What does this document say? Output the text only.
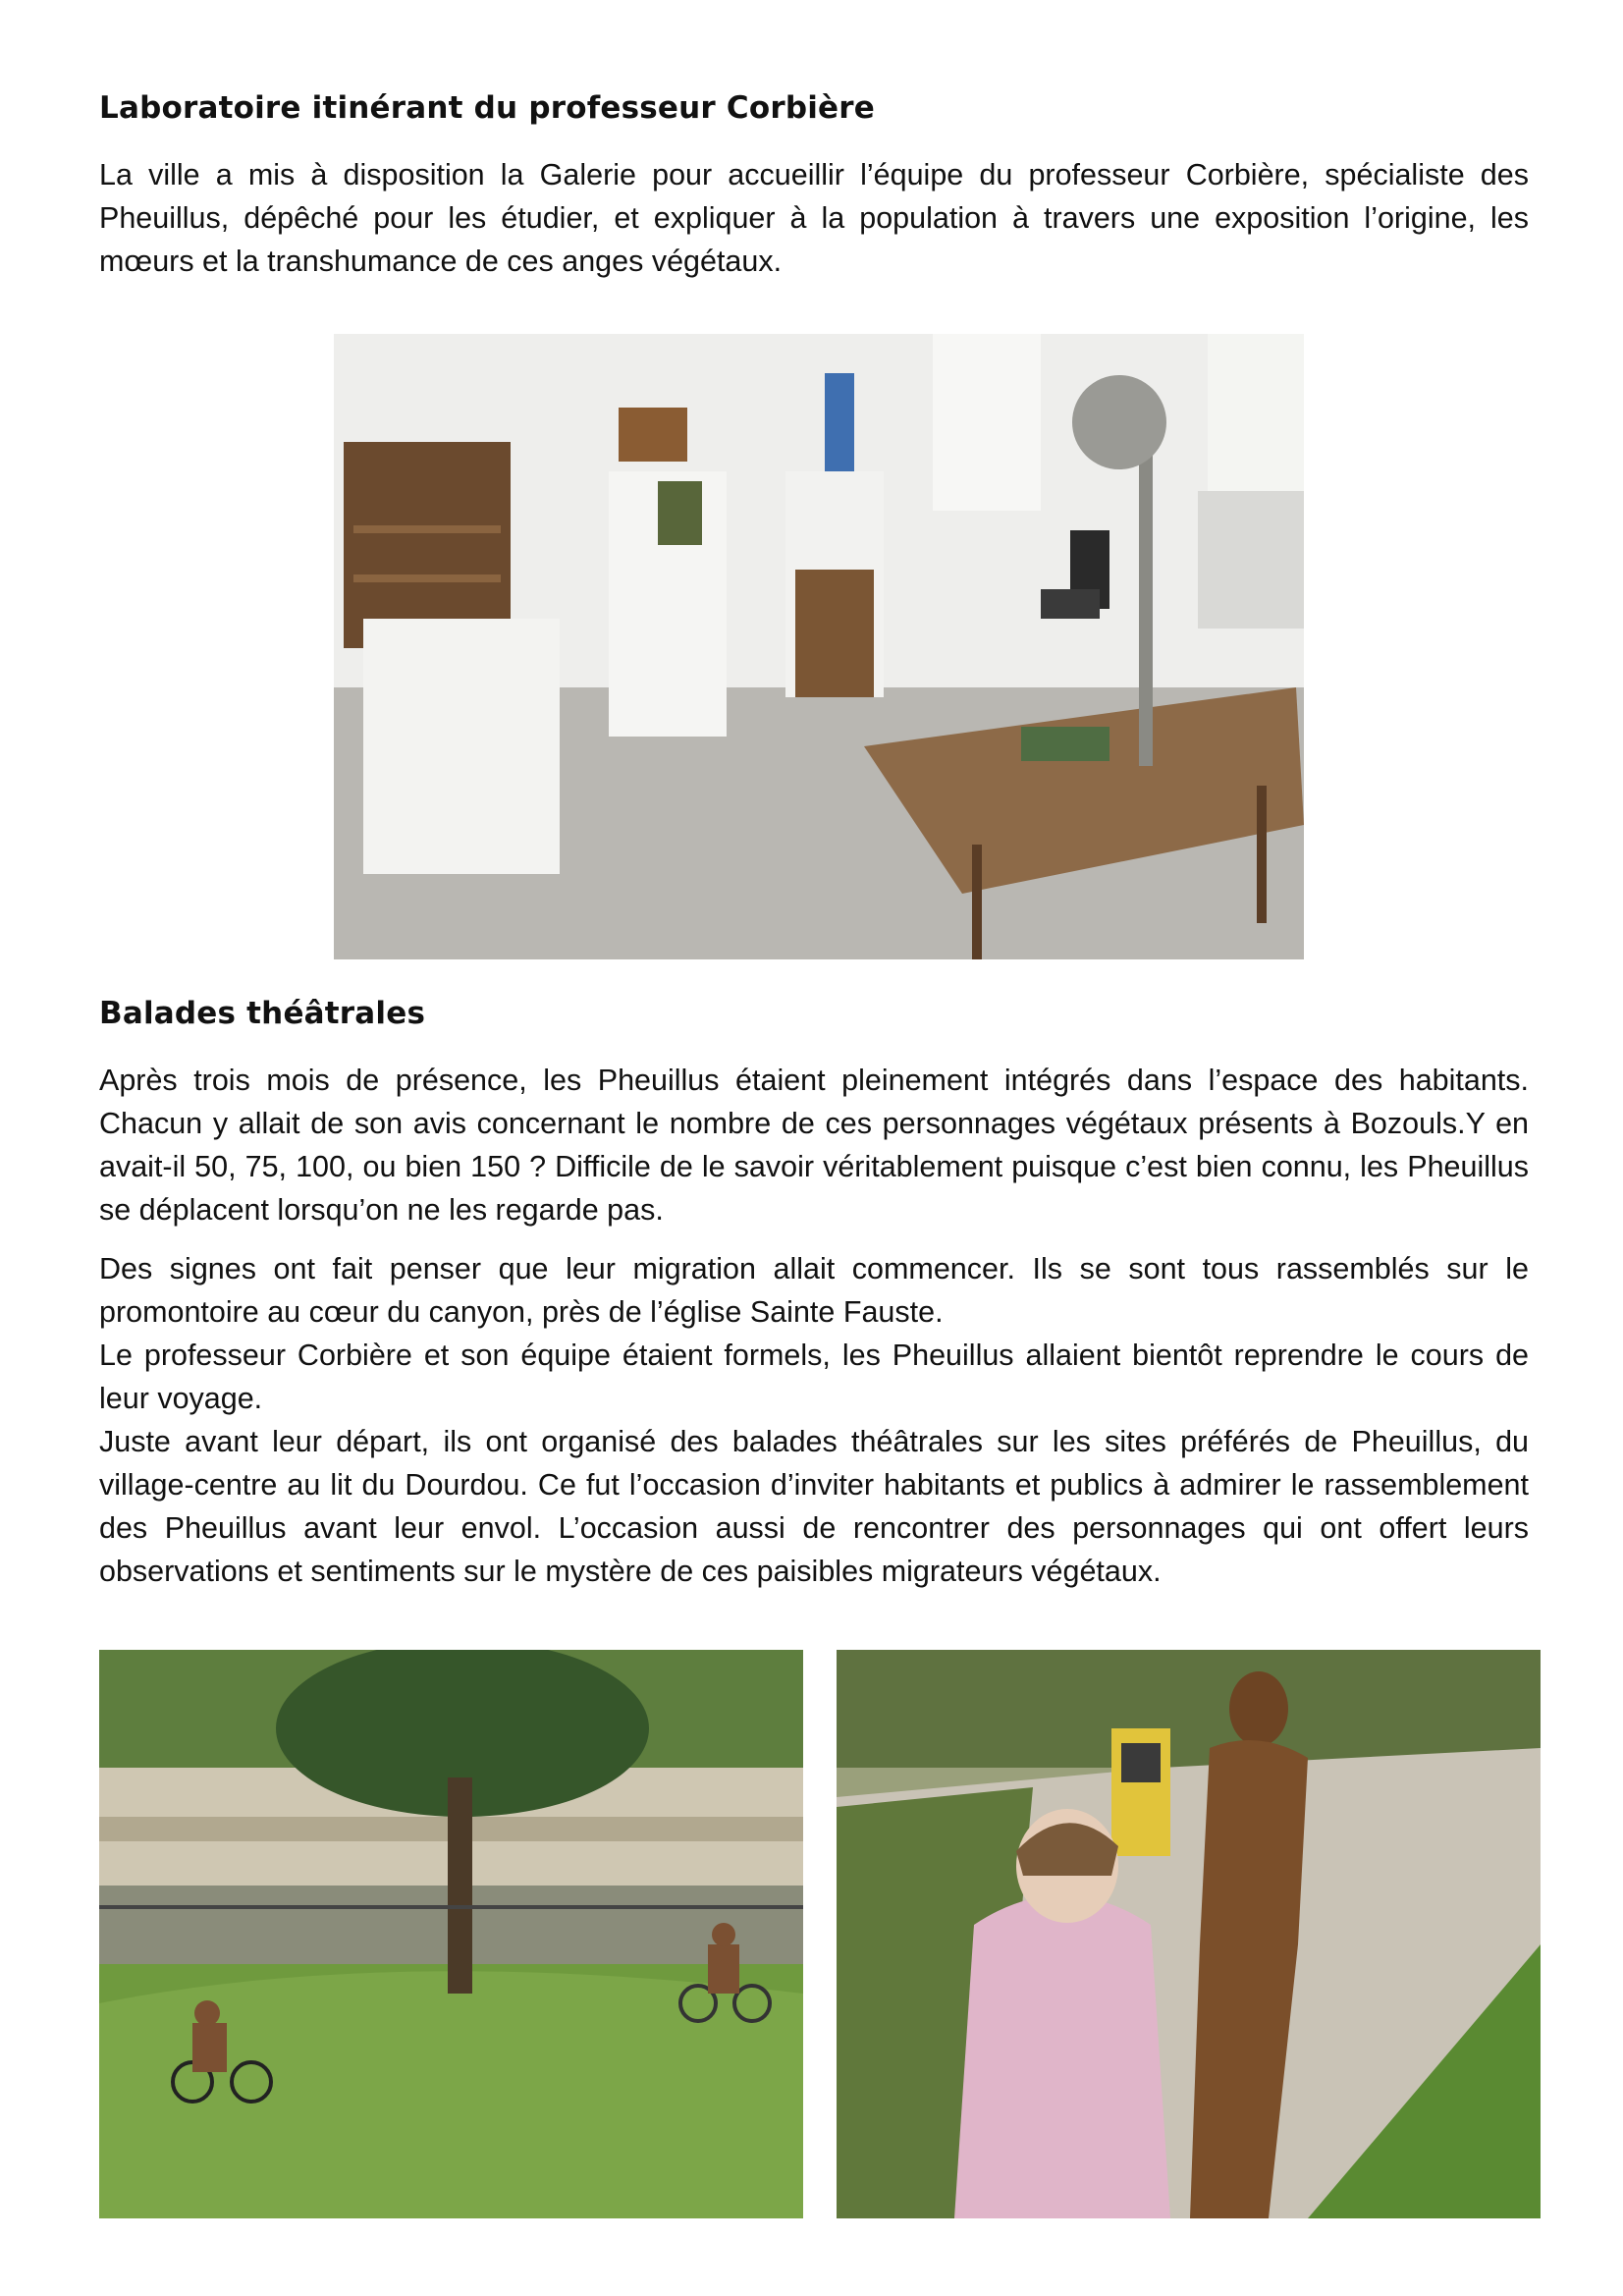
Laboratoire itinérant du professeur Corbière

La ville a mis à disposition la Galerie pour accueillir l’équipe du professeur Corbière, spécialiste des Pheuillus, dépêché pour les étudier, et expliquer à la population à travers une exposition l’origine, les mœurs et la transhumance de ces anges végétaux.

Balades théâtrales

Après trois mois de présence, les Pheuillus étaient pleinement intégrés dans l’espace des habitants. Chacun y allait de son avis concernant le nombre de ces personnages végétaux présents à Bozouls.Y en avait-il 50, 75, 100, ou bien 150 ? Difficile de le savoir véritablement puisque c’est bien connu, les Pheuillus se déplacent lorsqu’on ne les regarde pas.

Des signes ont fait penser que leur migration allait commencer. Ils se sont tous rassemblés sur le promontoire au cœur du canyon, près de l’église Sainte Fauste.

Le professeur Corbière et son équipe étaient formels, les Pheuillus allaient bientôt reprendre le cours de leur voyage.

Juste avant leur départ, ils ont organisé des balades théâtrales sur les sites préférés de Pheuillus, du village-centre au lit du Dourdou. Ce fut l’occasion d’inviter habitants et publics à admirer le rassemblement des Pheuillus avant leur envol. L’occasion aussi de rencontrer des personnages qui ont offert leurs observations et sentiments sur le mystère de ces paisibles migrateurs végétaux.
